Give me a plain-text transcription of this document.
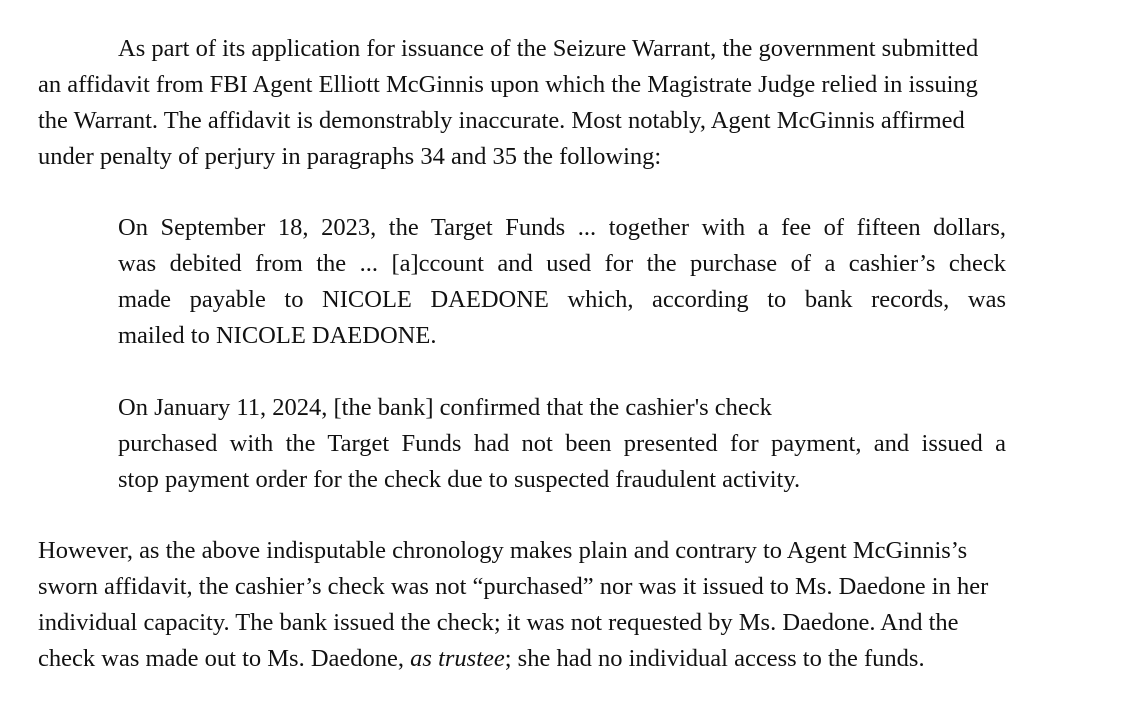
As part of its application for issuance of the Seizure Warrant, the government submitted
an affidavit from FBI Agent Elliott McGinnis upon which the Magistrate Judge relied in issuing
the Warrant. The affidavit is demonstrably inaccurate. Most notably, Agent McGinnis affirmed
under penalty of perjury in paragraphs 34 and 35 the following:
On September 18, 2023, the Target Funds ... together with a fee of fifteen dollars,
was debited from the ... [a]ccount and used for the purchase of a cashier’s check
made payable to NICOLE DAEDONE which, according to bank records, was
mailed to NICOLE DAEDONE.
On January 11, 2024, [the bank] confirmed that the cashier's check
purchased with the Target Funds had not been presented for payment, and issued a
stop payment order for the check due to suspected fraudulent activity.
However, as the above indisputable chronology makes plain and contrary to Agent McGinnis’s
sworn affidavit, the cashier’s check was not “purchased” nor was it issued to Ms. Daedone in her
individual capacity. The bank issued the check; it was not requested by Ms. Daedone. And the
check was made out to Ms. Daedone, as trustee; she had no individual access to the funds.
